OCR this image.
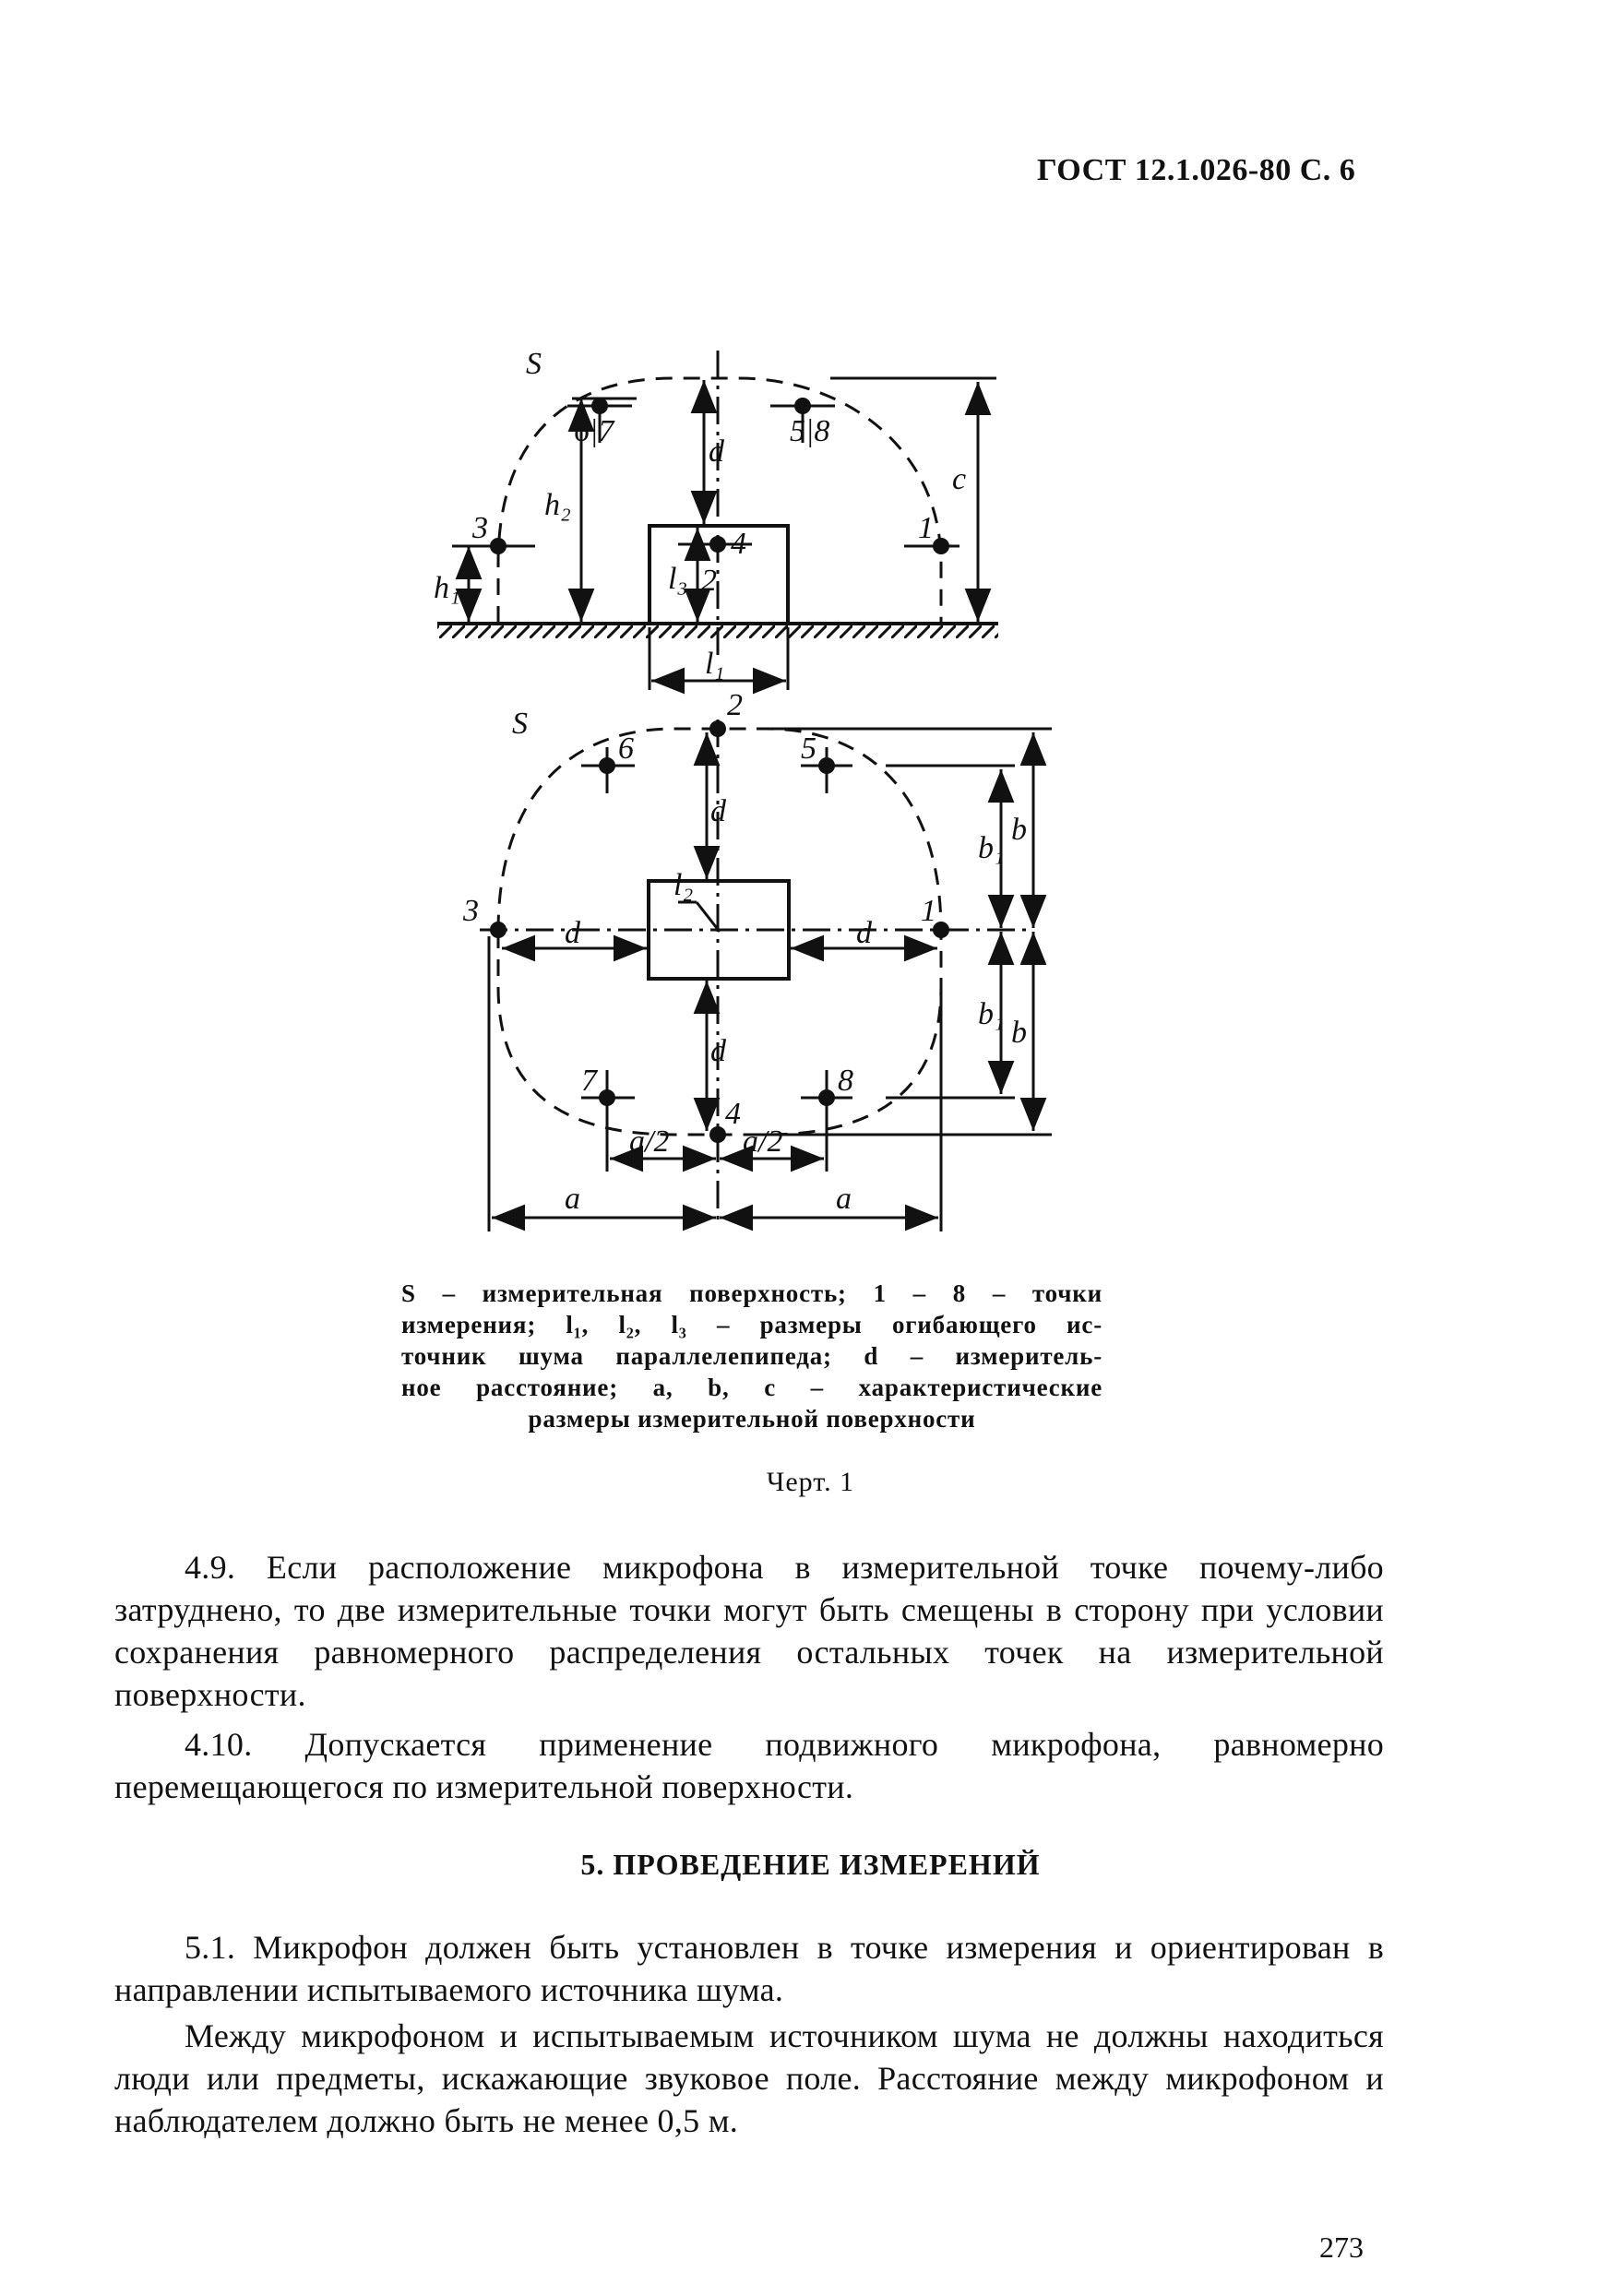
ГОСТ 12.1.026-80 С. 6
S
6|7	5|8
3	1
4
2
d
l₃
h₂
h₁
c
l₁
S
2
6	5
3	1
7	8
4
l₂
d
d
d	d
b₁
b
b₁
b
a/2 a/2
a	a
S – измерительная поверхность; 1 – 8 – точки
измерения; l₁, l₂, l₃ – размеры огибающего ис-
точник шума параллелепипеда; d – измеритель-
ное расстояние; a, b, c – характеристические
размеры измерительной поверхности
Черт. 1

4.9. Если расположение микрофона в измерительной точке почему-либо затруднено, то две измерительные точки могут быть смещены в сторону при условии сохранения равномерного распределения остальных точек на измерительной поверхности.

4.10. Допускается применение подвижного микрофона, равномерно перемещающегося по измерительной поверхности.

5. ПРОВЕДЕНИЕ ИЗМЕРЕНИЙ

5.1. Микрофон должен быть установлен в точке измерения и ориентирован в направлении испытываемого источника шума.

Между микрофоном и испытываемым источником шума не должны находиться люди или предметы, искажающие звуковое поле. Расстояние между микрофоном и наблюдателем должно быть не менее 0,5 м.

273
